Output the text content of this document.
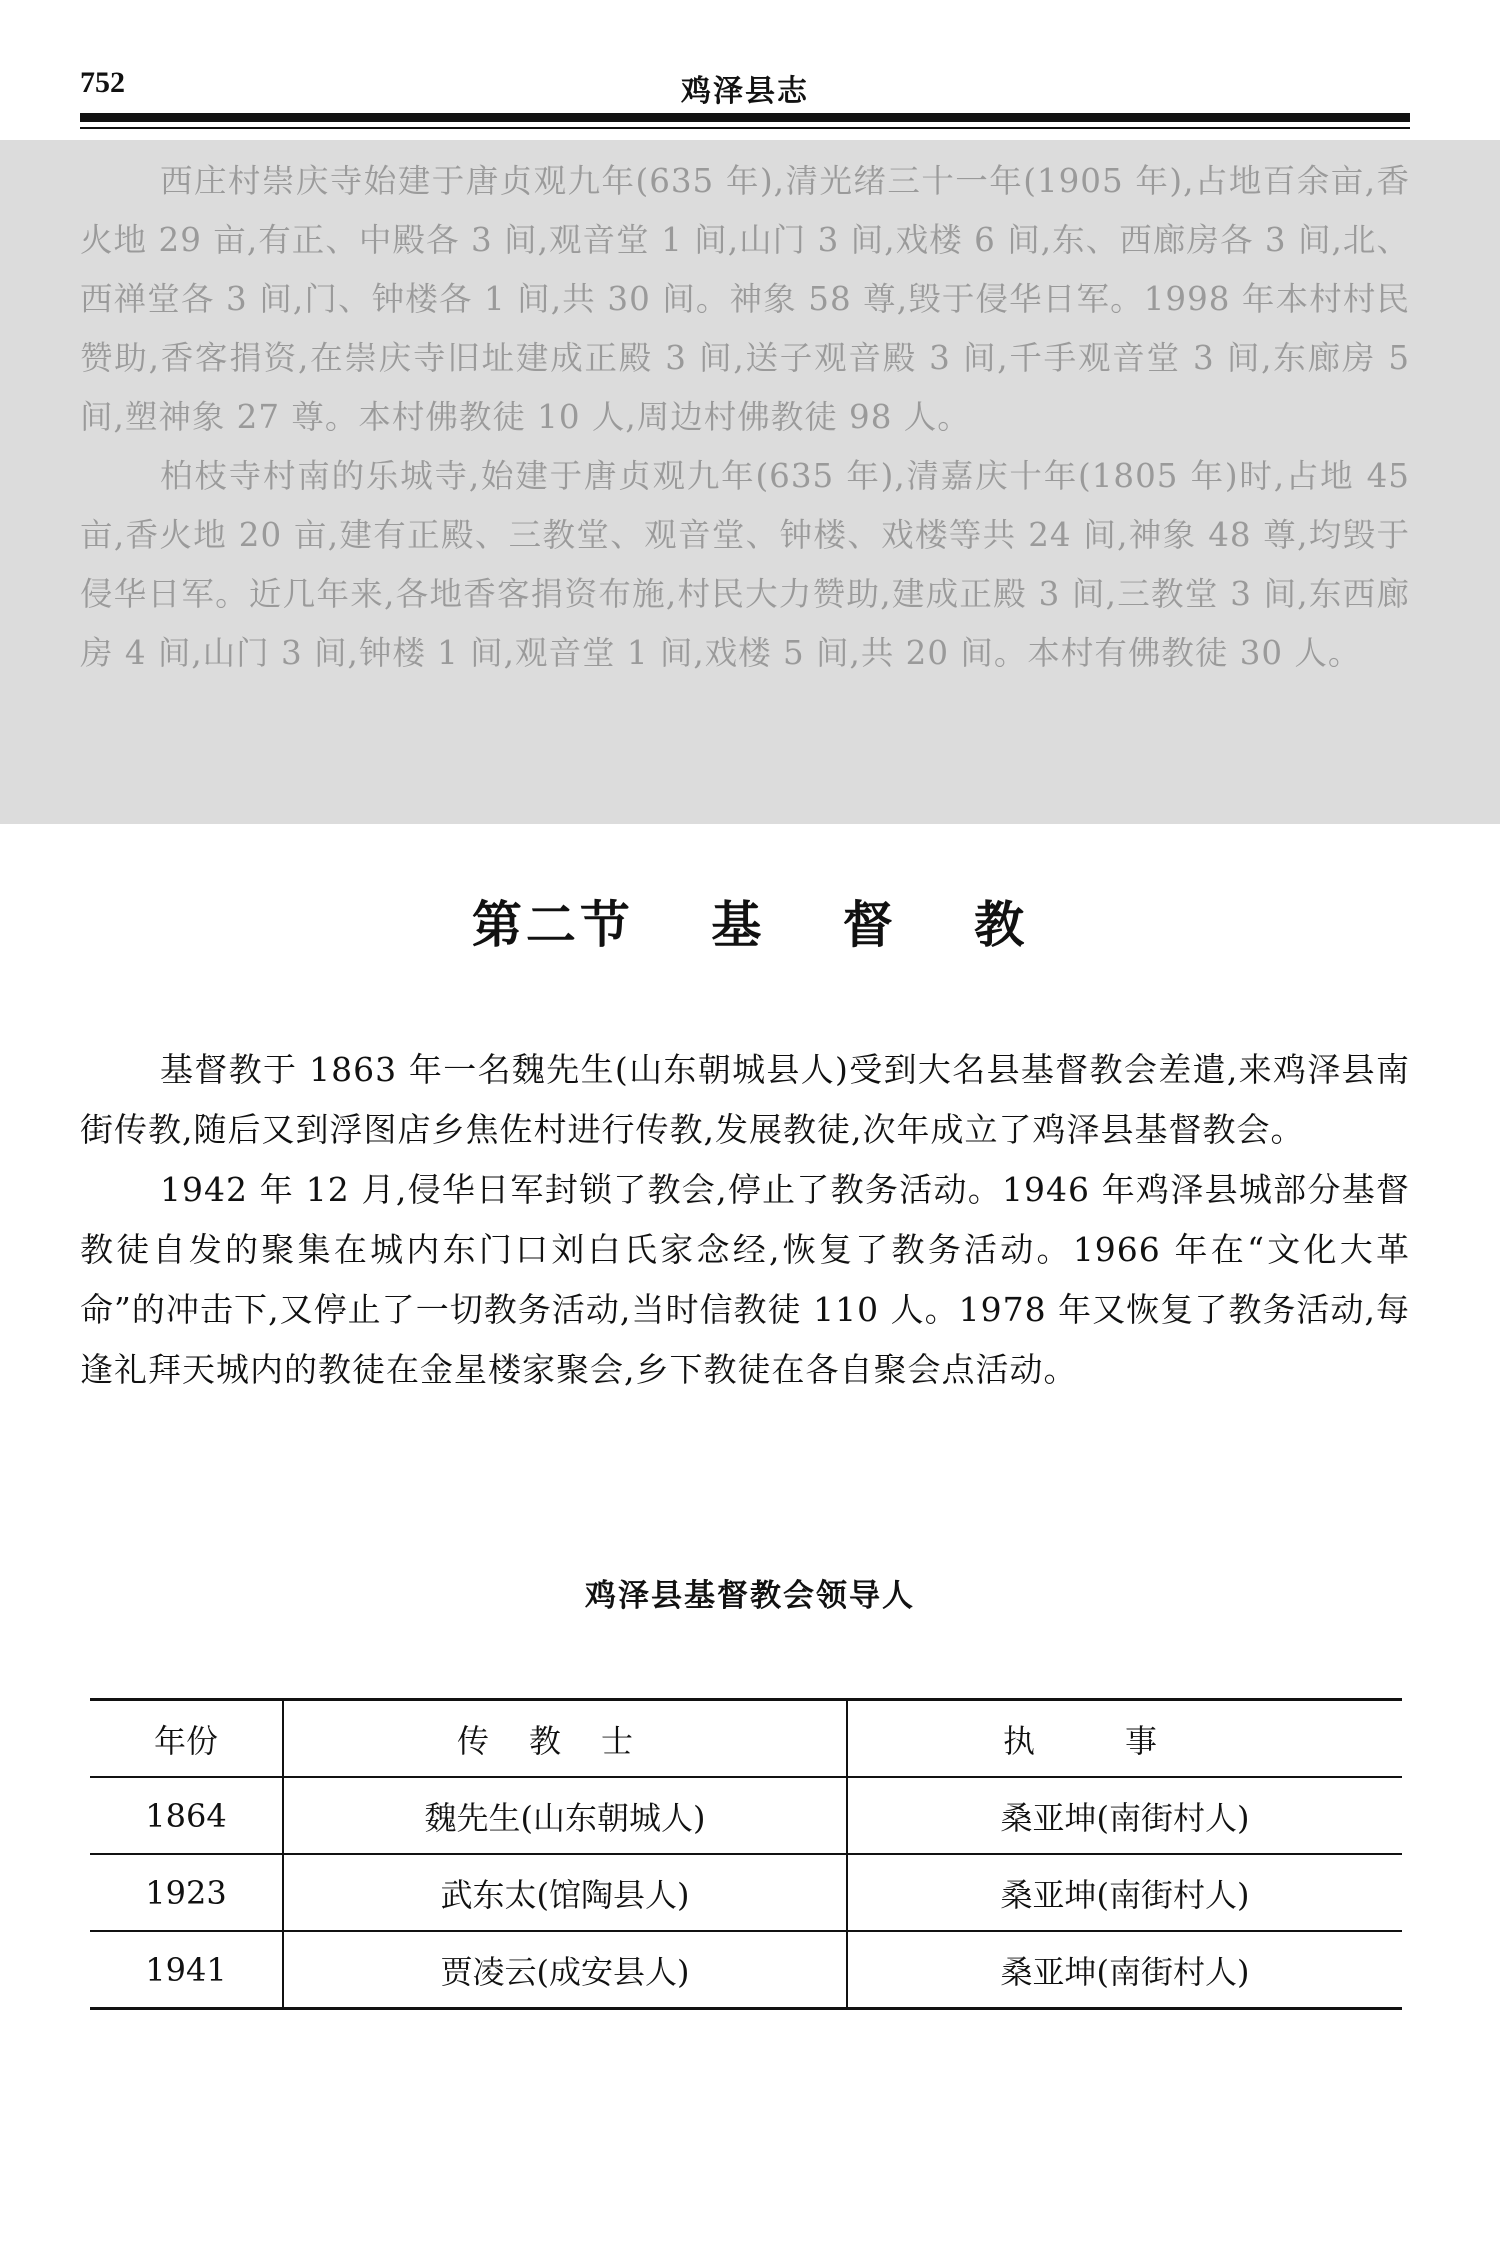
752	鸡泽县志

西庄村崇庆寺始建于唐贞观九年(635 年),清光绪三十一年(1905 年),占地百余亩,香火地 29 亩,有正、中殿各 3 间,观音堂 1 间,山门 3 间,戏楼 6 间,东、西廊房各 3 间,北、西禅堂各 3 间,门、钟楼各 1 间,共 30 间。神象 58 尊,毁于侵华日军。1998 年本村村民赞助,香客捐资,在崇庆寺旧址建成正殿 3 间,送子观音殿 3 间,千手观音堂 3 间,东廊房 5 间,塑神象 27 尊。本村佛教徒 10 人,周边村佛教徒 98 人。

柏枝寺村南的乐城寺,始建于唐贞观九年(635 年),清嘉庆十年(1805 年)时,占地 45 亩,香火地 20 亩,建有正殿、三教堂、观音堂、钟楼、戏楼等共 24 间,神象 48 尊,均毁于侵华日军。近几年来,各地香客捐资布施,村民大力赞助,建成正殿 3 间,三教堂 3 间,东西廊房 4 间,山门 3 间,钟楼 1 间,观音堂 1 间,戏楼 5 间,共 20 间。本村有佛教徒 30 人。

第二节 基 督 教

基督教于 1863 年一名魏先生(山东朝城县人)受到大名县基督教会差遣,来鸡泽县南街传教,随后又到浮图店乡焦佐村进行传教,发展教徒,次年成立了鸡泽县基督教会。

1942 年 12 月,侵华日军封锁了教会,停止了教务活动。1946 年鸡泽县城部分基督教徒自发的聚集在城内东门口刘白氏家念经,恢复了教务活动。1966 年在“文化大革命”的冲击下,又停止了一切教务活动,当时信教徒 110 人。1978 年又恢复了教务活动,每逢礼拜天城内的教徒在金星楼家聚会,乡下教徒在各自聚会点活动。

鸡泽县基督教会领导人
年份	传教士	执事
1864	魏先生(山东朝城人)	桑亚坤(南街村人)
1923	武东太(馆陶县人)	桑亚坤(南街村人)
1941	贾凌云(成安县人)	桑亚坤(南街村人)
